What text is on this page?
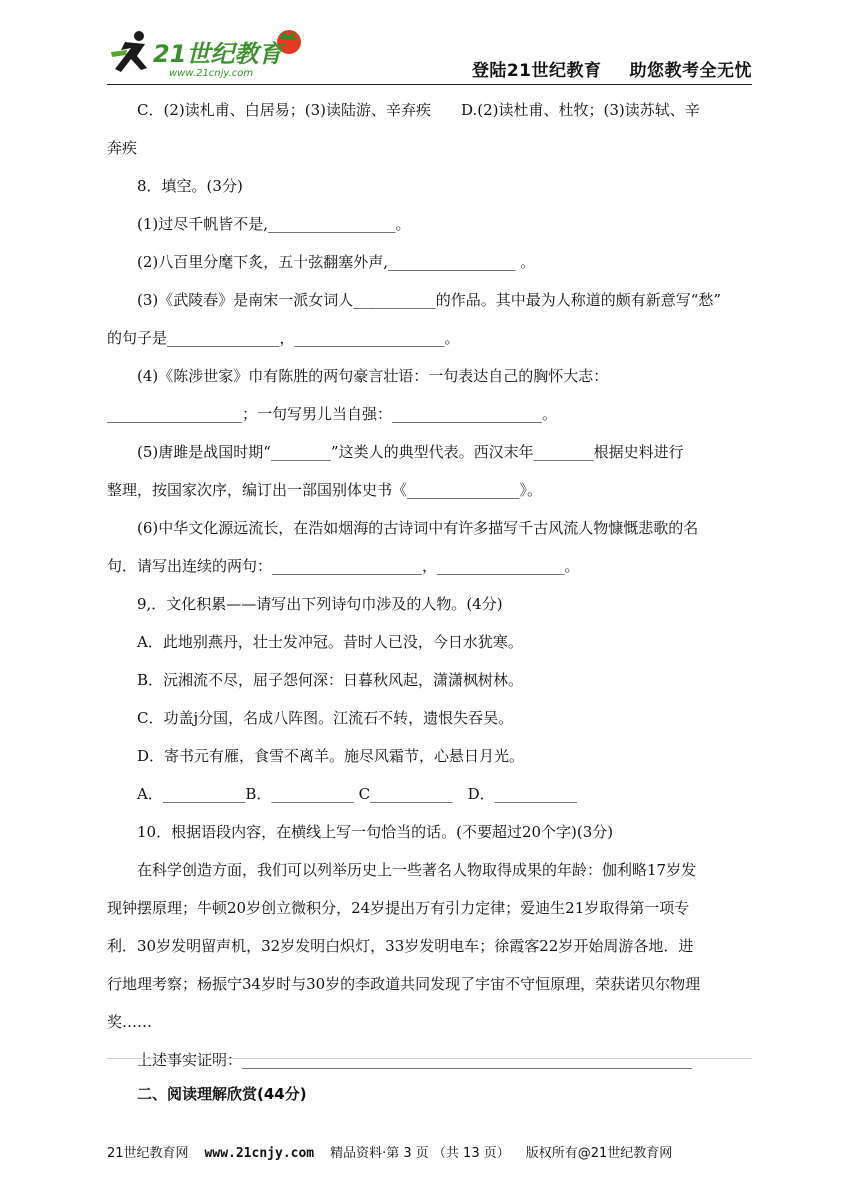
21世纪教育
www.21cnjy.com	登陆21世纪教育 助您教考全无忧
C．(2)读札甫、白居易；(3)读陆游、辛弃疾　　D.(2)读杜甫、杜牧；(3)读苏轼、辛
奔疾
8．填空。(3分)
(1)过尽千帆皆不是,_________________。
(2)八百里分麾下炙，五十弦翻塞外声,_________________ 。
(3)《武陵春》是南宋一派女词人___________的作品。其中最为人称道的颇有新意写“愁”
的句子是_______________，____________________。
(4)《陈涉世家》巾有陈胜的两句豪言壮语：一句表达自己的胸怀大志：
__________________；一句写男儿当自强：____________________。
(5)唐雎是战国时期“________”这类人的典型代表。西汉末年________根据史料进行
整理，按国家次序，编订出一部国别体史书《_______________》。
(6)中华文化源远流长，在浩如烟海的古诗词中有许多描写千古风流人物慷慨悲歌的名
句．请写出连续的两句：____________________，_________________。
9,．文化积累——请写出下列诗句巾涉及的人物。(4分)
A．此地别燕丹，壮士发冲冠。昔时人已没，今日水犹寒。
B．沅湘流不尽，屈子怨何深：日暮秋风起，潇潇枫树林。
C．功盖j分国，名成八阵图。江流石不转，遗恨失吞吴。
D．寄书元有雁，食雪不离羊。施尽风霜节，心悬日月光。
A．___________B．___________ C___________　D．___________
10．根据语段内容，在横线上写一句恰当的话。(不要超过20个字)(3分)
在科学创造方面，我们可以列举历史上一些著名人物取得成果的年龄：伽利略17岁发
现钟摆原理；牛顿20岁创立微积分，24岁提出万有引力定律；爱迪生21岁取得第一项专
利．30岁发明留声机，32岁发明白炽灯，33岁发明电车；徐霞客22岁开始周游各地．进
行地理考察；杨振宁34岁时与30岁的李政道共同发现了宇宙不守恒原理，荣获诺贝尔物理
奖……
上述事实证明：____________________________________________________________
二、阅读理解欣赏(44分)
21世纪教育网 www.21cnjy.com 精品资料·第 3 页 （共 13 页） 版权所有@21世纪教育网
